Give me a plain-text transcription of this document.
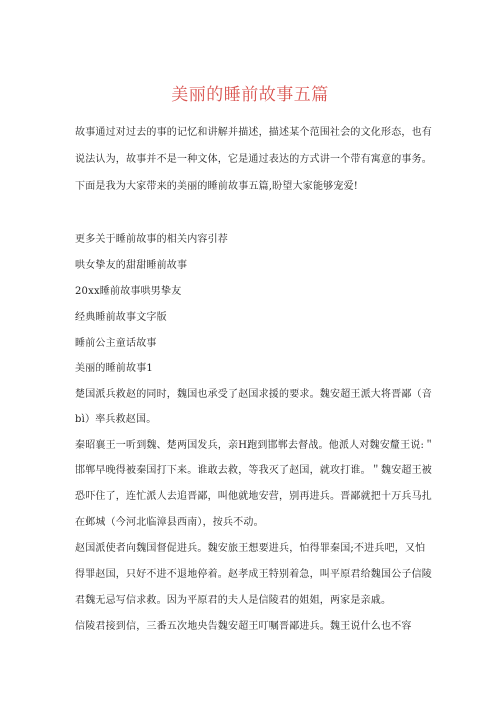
美丽的睡前故事五篇
故事通过对过去的事的记忆和讲解并描述，描述某个范围社会的文化形态，也有
说法认为，故事并不是一种文体，它是通过表达的方式讲一个带有寓意的事务。
下面是我为大家带来的美丽的睡前故事五篇,盼望大家能够宠爱!
更多关于睡前故事的相关内容引荐
哄女挚友的甜甜睡前故事
20xx睡前故事哄男挚友
经典睡前故事文字版
睡前公主童话故事
美丽的睡前故事1
楚国派兵救赵的同时，魏国也承受了赵国求援的要求。魏安超王派大将晋鄙（音
bì）率兵救赵国。
秦昭襄王一听到魏、楚两国发兵，亲H跑到邯郸去督战。他派人对魏安釐王说:＂
邯郸早晚得被秦国打下来。谁敢去救，等我灭了赵国，就攻打谁。＂魏安超王被
恐吓住了，连忙派人去追晋鄙，叫他就地安营，别再进兵。晋鄙就把十万兵马扎
在邺城（今河北临漳县西南），按兵不动。
赵国派使者向魏国督促进兵。魏安旅王想要进兵，怕得罪秦国;不进兵吧，又怕
得罪赵国，只好不进不退地停着。赵孝成王特别着急，叫平原君给魏国公子信陵
君魏无忌写信求救。因为平原君的夫人是信陵君的姐姐，两家是亲戚。
信陵君接到信，三番五次地央告魏安超王叮嘱晋鄙进兵。魏王说什么也不容
